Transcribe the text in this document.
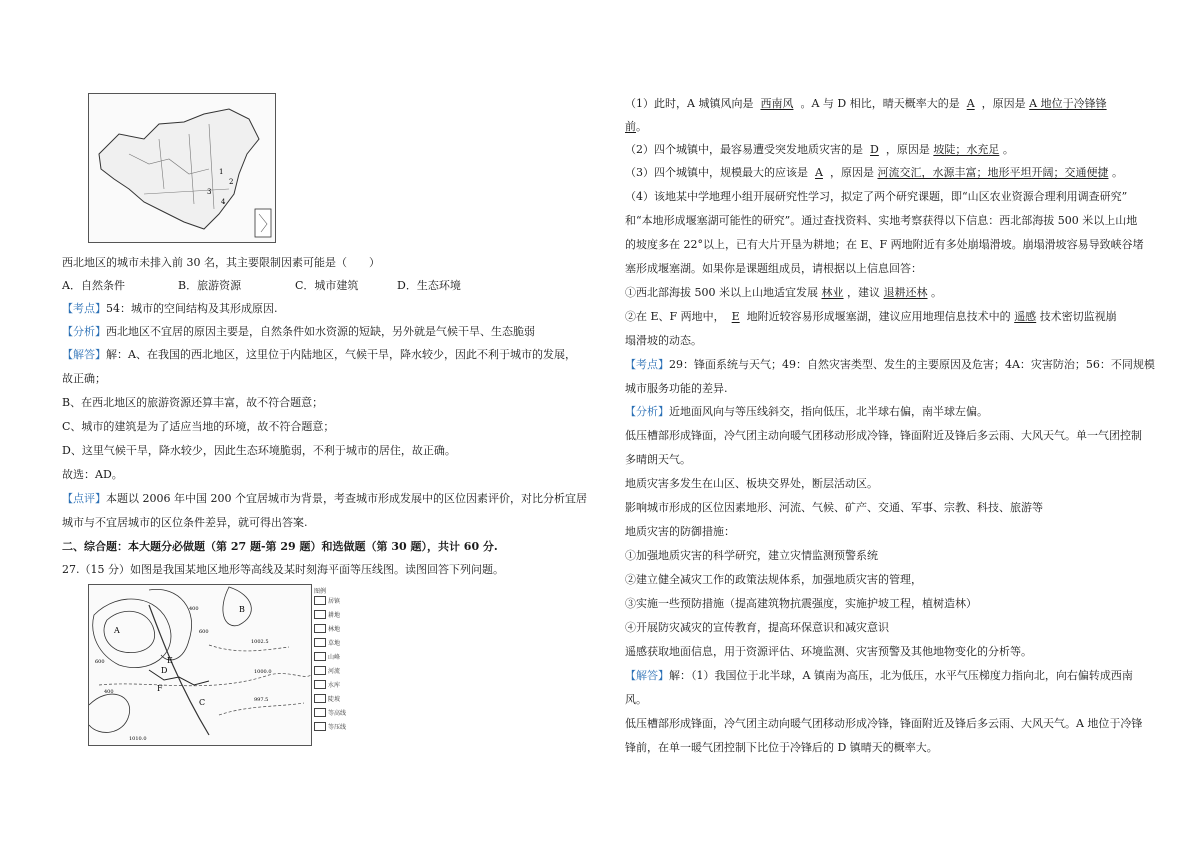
1
2
3
4
西北地区的城市未排入前 30 名，其主要限制因素可能是（　　）
A．自然条件	B．旅游资源	C．城市建筑	D．生态环境
【考点】54：城市的空间结构及其形成原因.
【分析】西北地区不宜居的原因主要是，自然条件如水资源的短缺，另外就是气候干旱、生态脆弱
【解答】解：A、在我国的西北地区，这里位于内陆地区，气候干旱，降水较少，因此不利于城市的发展，
故正确；
B、在西北地区的旅游资源还算丰富，故不符合题意；
C、城市的建筑是为了适应当地的环境，故不符合题意；
D、这里气候干旱，降水较少，因此生态环境脆弱，不利于城市的居住，故正确。
故选：AD。
【点评】本题以 2006 年中国 200 个宜居城市为背景，考查城市形成发展中的区位因素评价，对比分析宜居
城市与不宜居城市的区位条件差异，就可得出答案.
二、综合题：本大题分必做题（第 27 题-第 29 题）和选做题（第 30 题），共计 60 分.
27.（15 分）如图是我国某地区地形等高线及某时刻海平面等压线图。读图回答下列问题。
A
B
C
D
E
F
1002.5
1000.0
997.5
1010.0
600
400
600
400
图例
居镇
耕地
林地
草地
山峰
河流
水库
陡坡
等高线
等压线
（1）此时，A 城镇风向是 西南风 。A 与 D 相比，晴天概率大的是 A ，原因是 A 地位于冷锋锋
前。
（2）四个城镇中，最容易遭受突发地质灾害的是 D ，原因是 坡陡；水充足 。
（3）四个城镇中，规模最大的应该是 A ，原因是 河流交汇，水源丰富；地形平坦开阔；交通便捷 。
（4）该地某中学地理小组开展研究性学习，拟定了两个研究课题，即“山区农业资源合理利用调查研究”
和“本地形成堰塞湖可能性的研究”。通过查找资料、实地考察获得以下信息：西北部海拔 500 米以上山地
的坡度多在 22°以上，已有大片开垦为耕地；在 E、F 两地附近有多处崩塌滑坡。崩塌滑坡容易导致峡谷堵
塞形成堰塞湖。如果你是课题组成员，请根据以上信息回答：
①西北部海拔 500 米以上山地适宜发展 林业 ，建议 退耕还林 。
②在 E、F 两地中， E 地附近较容易形成堰塞湖，建议应用地理信息技术中的 遥感 技术密切监视崩
塌滑坡的动态。
【考点】29：锋面系统与天气；49：自然灾害类型、发生的主要原因及危害；4A：灾害防治；56：不同规模
城市服务功能的差异.
【分析】近地面风向与等压线斜交，指向低压，北半球右偏，南半球左偏。
低压槽部形成锋面，冷气团主动向暖气团移动形成冷锋，锋面附近及锋后多云雨、大风天气。单一气团控制
多晴朗天气。
地质灾害多发生在山区、板块交界处，断层活动区。
影响城市形成的区位因素地形、河流、气候、矿产、交通、军事、宗教、科技、旅游等
地质灾害的防御措施：
①加强地质灾害的科学研究，建立灾情监测预警系统
②建立健全减灾工作的政策法规体系，加强地质灾害的管理，
③实施一些预防措施（提高建筑物抗震强度，实施护坡工程，植树造林）
④开展防灾减灾的宣传教育，提高环保意识和减灾意识
遥感获取地面信息，用于资源评估、环境监测、灾害预警及其他地物变化的分析等。
【解答】解：（1）我国位于北半球，A 镇南为高压，北为低压，水平气压梯度力指向北，向右偏转成西南
风。
低压槽部形成锋面，冷气团主动向暖气团移动形成冷锋，锋面附近及锋后多云雨、大风天气。A 地位于冷锋
锋前，在单一暖气团控制下比位于冷锋后的 D 镇晴天的概率大。
